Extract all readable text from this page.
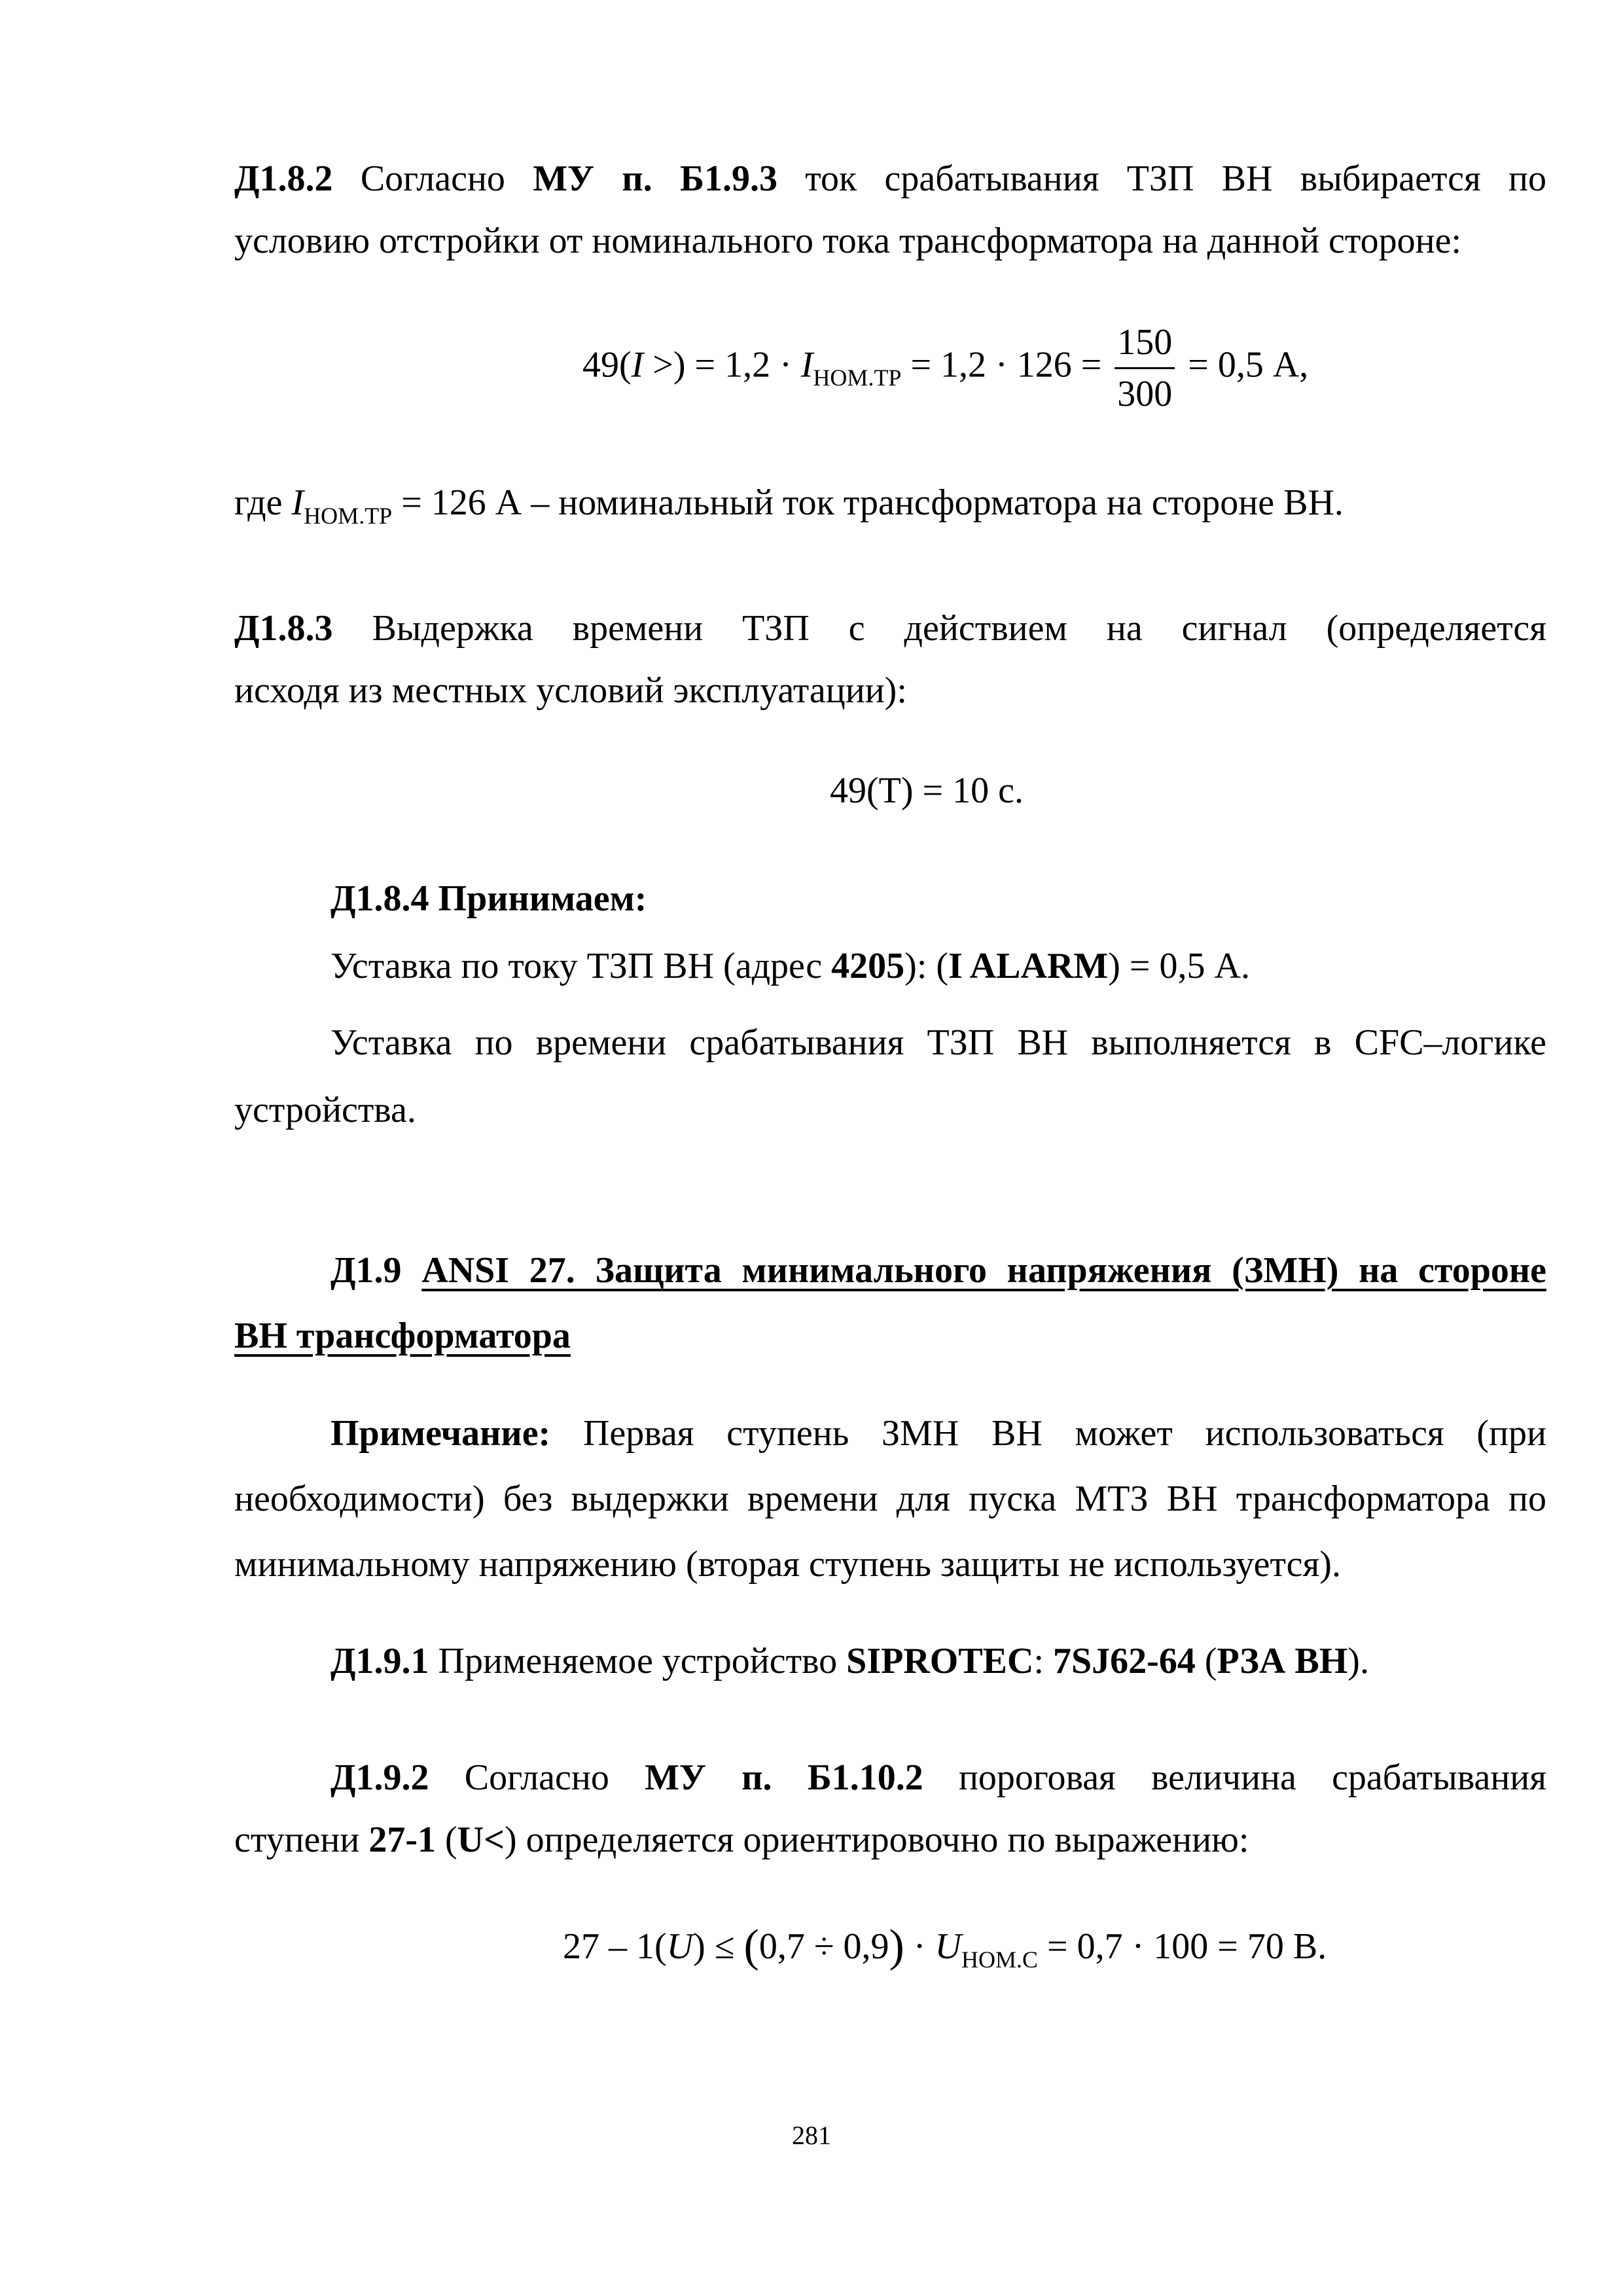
Д1.8.2 Согласно МУ п. Б1.9.3 ток срабатывания ТЗП ВН выбирается по
условию отстройки от номинального тока трансформатора на данной стороне:
49(I >) = $1,2 \cdot I_{НОМ.ТР} = 1,2 \cdot 126 = \frac{150}{300} = 0,5$ А,
где $I_{НОМ.ТР} = 126$ А – номинальный ток трансформатора на стороне ВН.
Д1.8.3 Выдержка времени ТЗП с действием на сигнал (определяется
исходя из местных условий эксплуатации):
49(Т) = 10 с.
Д1.8.4 Принимаем:
Уставка по току ТЗП ВН (адрес 4205): (I ALARM) = 0,5 А.
Уставка по времени срабатывания ТЗП ВН выполняется в CFC–логике
устройства.
Д1.9 ANSI 27. Защита минимального напряжения (ЗМН) на стороне
ВН трансформатора
Примечание: Первая ступень ЗМН ВН может использоваться (при
необходимости) без выдержки времени для пуска МТЗ ВН трансформатора по
минимальному напряжению (вторая ступень защиты не используется).
Д1.9.1 Применяемое устройство SIPROTEC: 7SJ62-64 (РЗА ВН).
Д1.9.2 Согласно МУ п. Б1.10.2 пороговая величина срабатывания
ступени 27-1 (U<) определяется ориентировочно по выражению:
$27 - 1(U) \le (0,7 \div 0,9) \cdot U_{НОМ.С} = 0,7 \cdot 100 = 70$ В.
281
